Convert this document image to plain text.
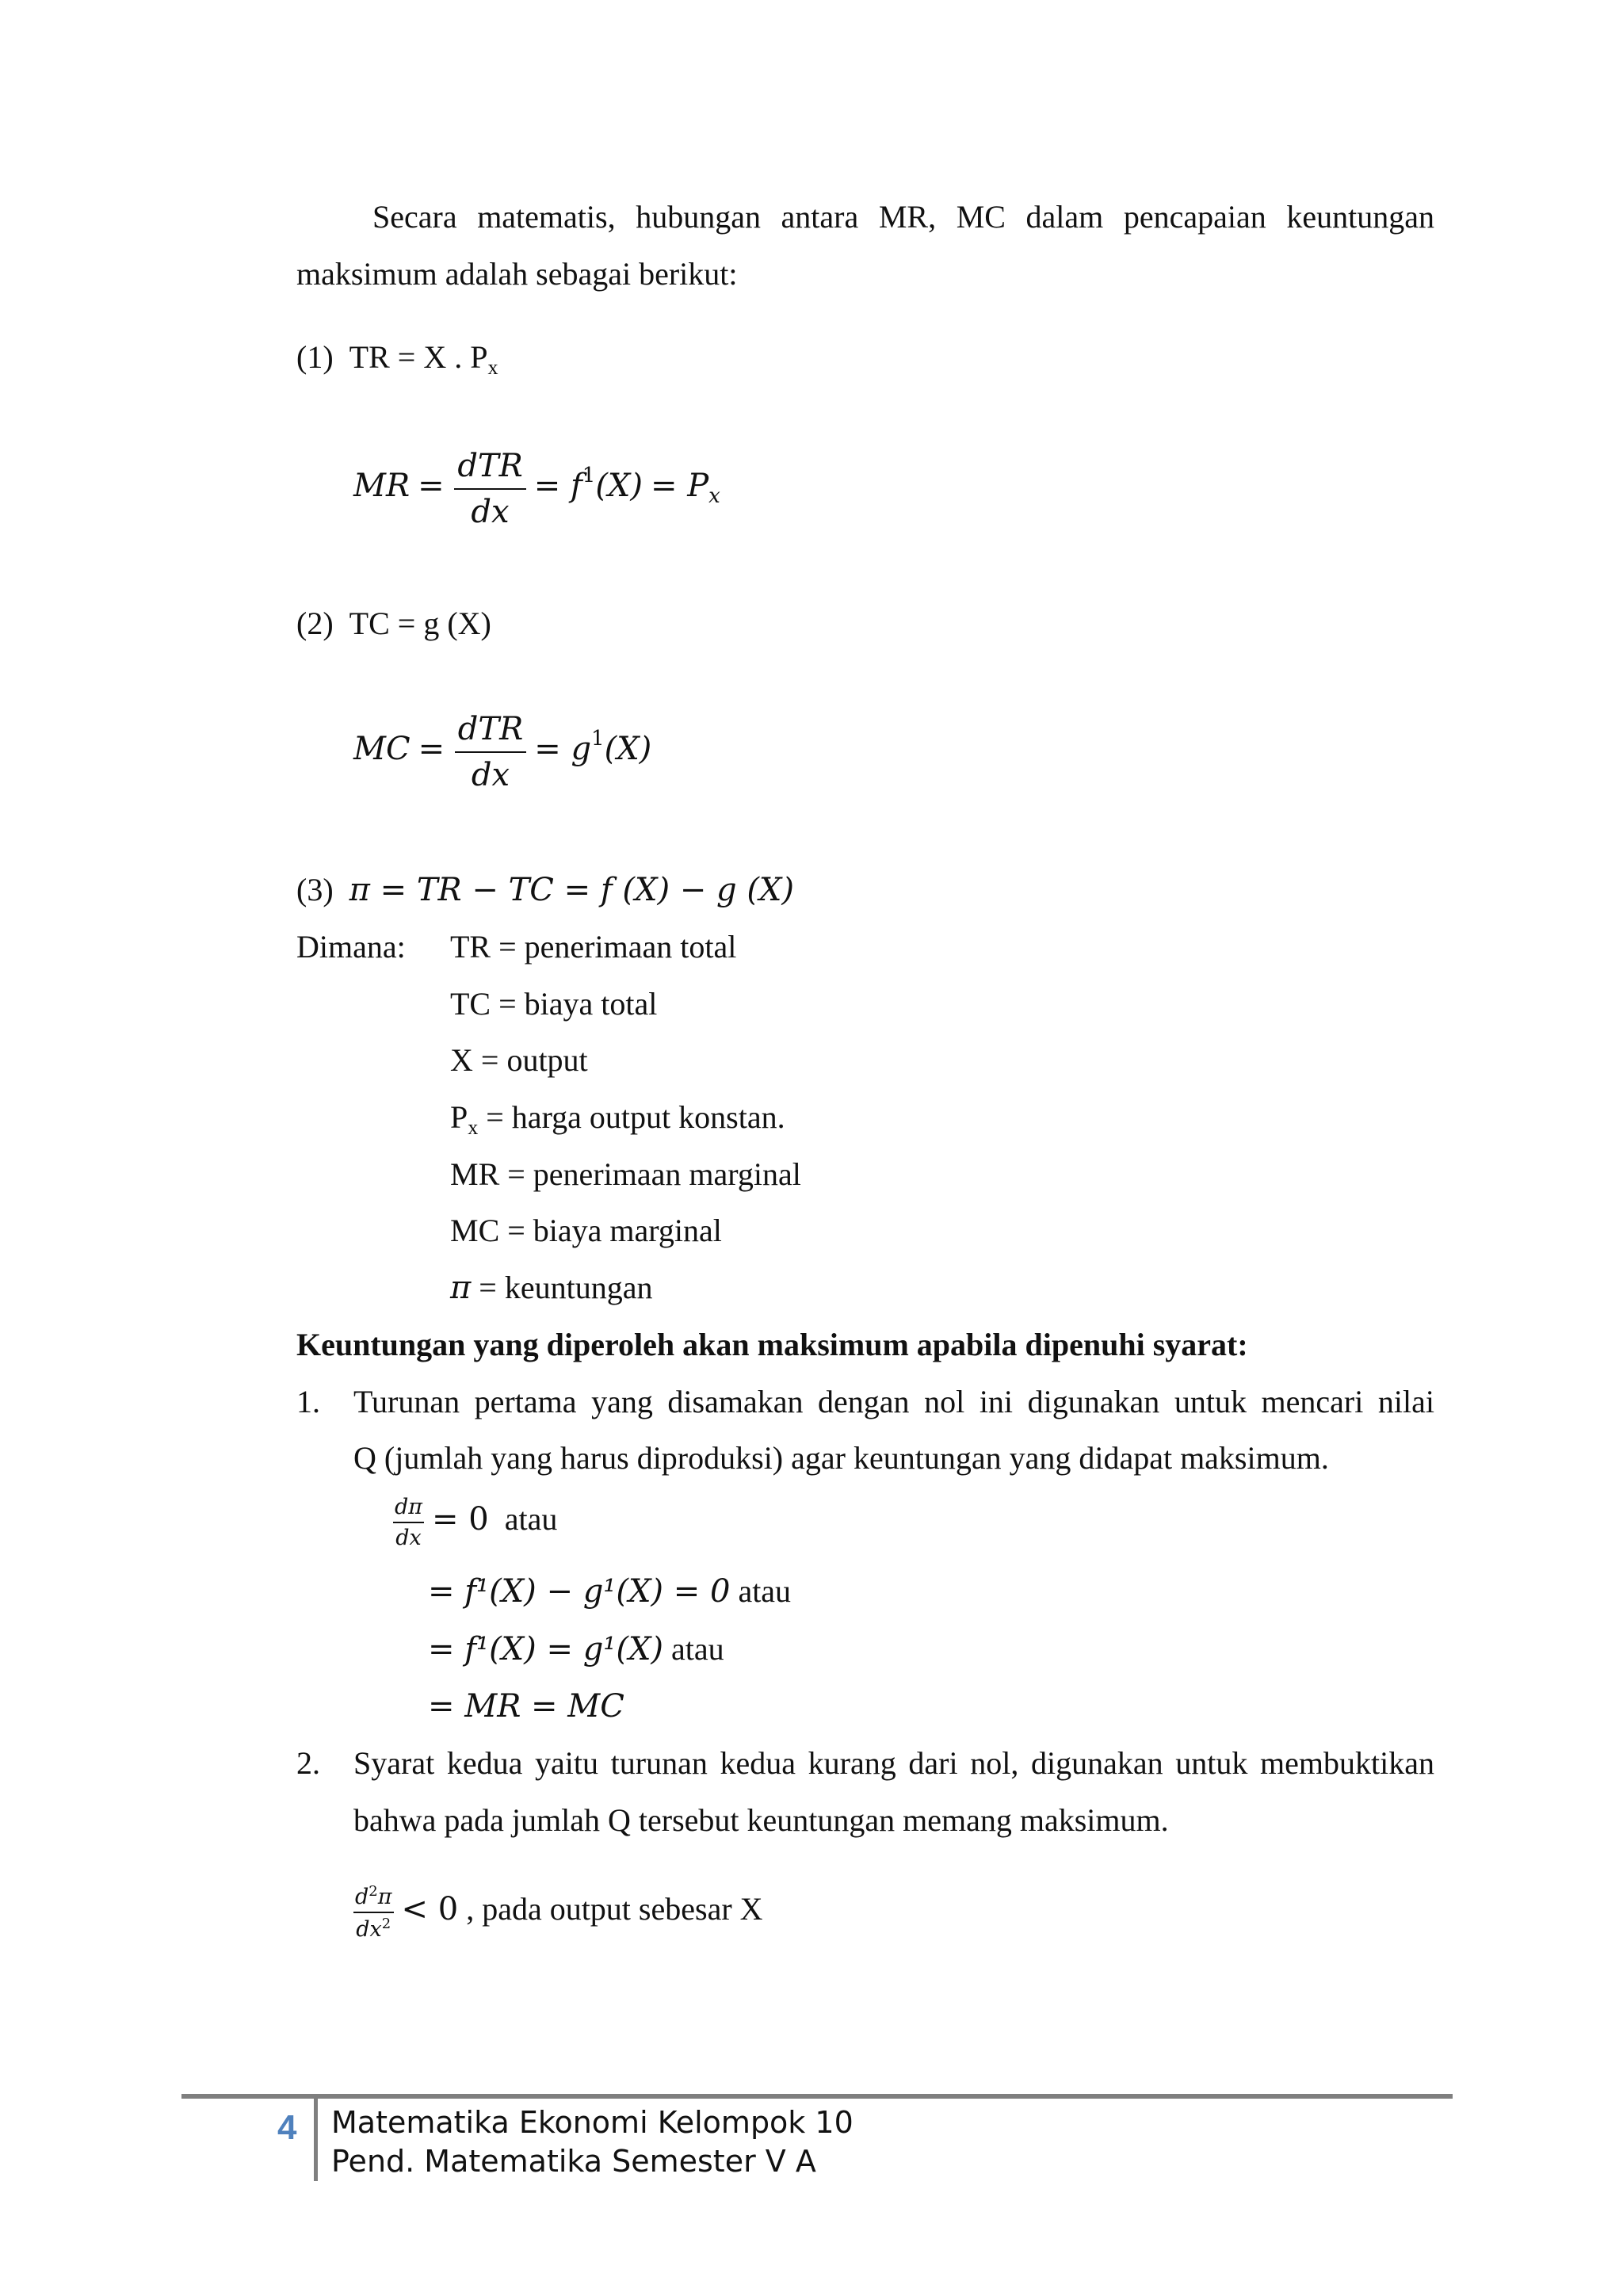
Secara matematis, hubungan antara MR, MC dalam pencapaian keuntungan
maksimum adalah sebagai berikut:
(1) TR = X . $P_x$
MR = $\frac{\text{dTR}}{dx} = f^1(X) = P_x$
(2) TC = g (X)
MC = $\frac{\text{dTR}}{dx} = g^1(X)$
(3) π = TR − TC = f (X) − g (X)
Dimana: TR = penerimaan total
TC = biaya total
X = output
$P_x$ = harga output konstan.
MR = penerimaan marginal
MC = biaya marginal
π = keuntungan
Keuntungan yang diperoleh akan maksimum apabila dipenuhi syarat:
1. Turunan pertama yang disamakan dengan nol ini digunakan untuk mencari nilai
Q (jumlah yang harus diproduksi) agar keuntungan yang didapat maksimum.
$\frac{d\pi}{dx} = 0$ atau
= f¹(X) − g¹(X) = 0 atau
= f¹(X) = g¹(X) atau
= MR = MC
2. Syarat kedua yaitu turunan kedua kurang dari nol, digunakan untuk membuktikan
bahwa pada jumlah Q tersebut keuntungan memang maksimum.
$\frac{d^2\pi}{dx^2} < 0$ , pada output sebesar X
4 Matematika Ekonomi Kelompok 10
Pend. Matematika Semester V A
